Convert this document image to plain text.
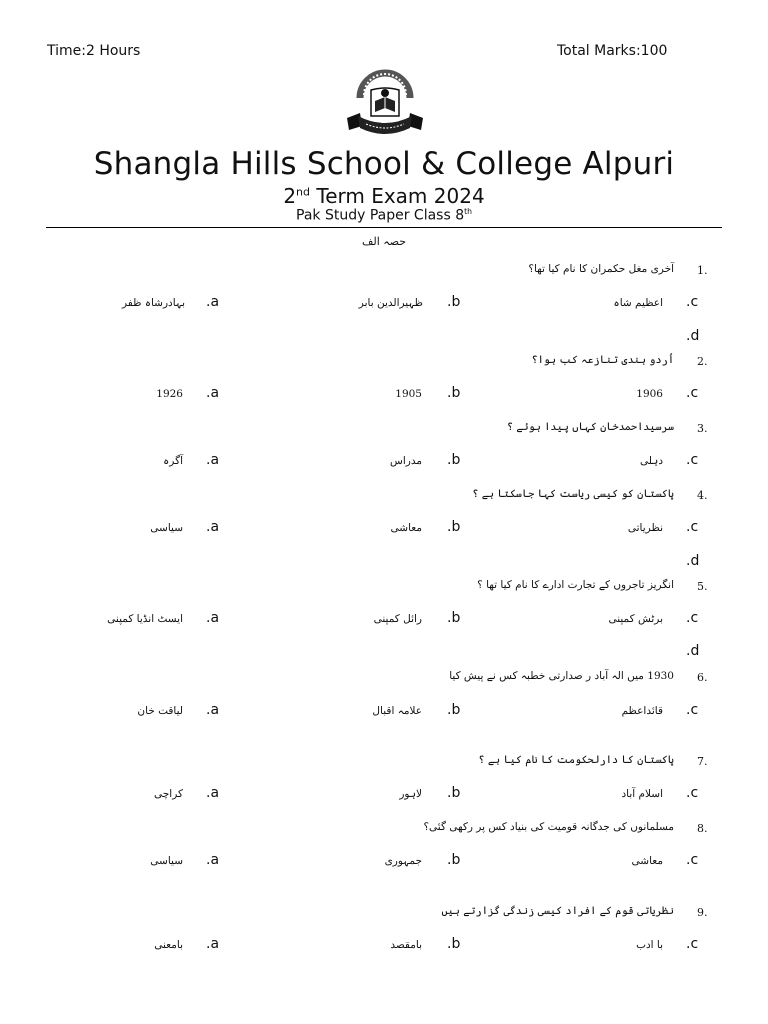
Time:2 Hours	Total Marks:100
Shangla Hills School & College Alpuri
2nd Term Exam 2024
Pak Study Paper Class 8th
حصہ الف
1.
آخری مغل حکمران کا نام کیا تھا؟
بہادرشاہ ظفر .a	ظہیرالدین بابر .b	اعظیم شاہ .c
.d
2.
اُردو ہندی تنازعہ کب ہوا؟
1926 .a	1905 .b	1906 .c
3.
سرسیداحمدخان کہاں پیدا ہوئے ؟
آگرہ .a	مدراس .b	دہلی .c
4.
پاکستان کو کیسی ریاست کہا جاسکتا ہے ؟
سیاسی .a	معاشی .b	نظریاتی .c
.d
5.
انگریز تاجروں کے تجارت ادارے کا نام کیا تھا ؟
ایسٹ انڈیا کمپنی .a	رائل کمپنی .b	برٹش کمپنی .c
.d
6.
1930 میں الہ آباد ر صدارتی خطبہ کس نے پیش کیا
لیاقت خان .a	علامہ اقبال .b	قائداعظم .c
7.
پاکستان کا دارلحکومت کا نام کیا ہے ؟
کراچی .a	لاہور .b	اسلام آباد .c
8.
مسلمانوں کی جدگانہ قومیت کی بنیاد کس پر رکھی گئی؟
سیاسی .a	جمہوری .b	معاشی .c
9.
نظریاتی قوم کے افراد کیسی زندگی گزارتے ہیں
بامعنی .a	بامقصد .b	با ادب .c
